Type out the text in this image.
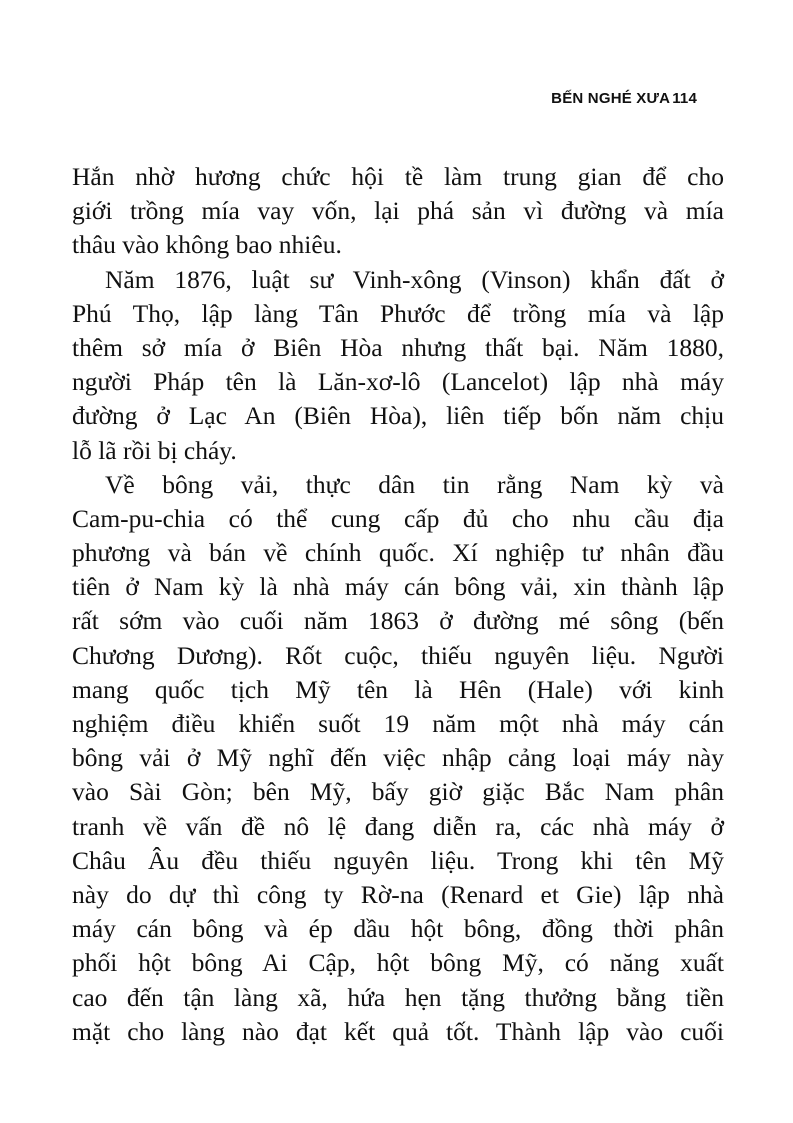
BẾN NGHÉ XƯA 114
Hắn nhờ hương chức hội tề làm trung gian để cho
giới trồng mía vay vốn, lại phá sản vì đường và mía
thâu vào không bao nhiêu.
Năm 1876, luật sư Vinh-xông (Vinson) khẩn đất ở
Phú Thọ, lập làng Tân Phước để trồng mía và lập
thêm sở mía ở Biên Hòa nhưng thất bại. Năm 1880,
người Pháp tên là Lăn-xơ-lô (Lancelot) lập nhà máy
đường ở Lạc An (Biên Hòa), liên tiếp bốn năm chịu
lỗ lã rồi bị cháy.
Về bông vải, thực dân tin rằng Nam kỳ và
Cam-pu-chia có thể cung cấp đủ cho nhu cầu địa
phương và bán về chính quốc. Xí nghiệp tư nhân đầu
tiên ở Nam kỳ là nhà máy cán bông vải, xin thành lập
rất sớm vào cuối năm 1863 ở đường mé sông (bến
Chương Dương). Rốt cuộc, thiếu nguyên liệu. Người
mang quốc tịch Mỹ tên là Hên (Hale) với kinh
nghiệm điều khiển suốt 19 năm một nhà máy cán
bông vải ở Mỹ nghĩ đến việc nhập cảng loại máy này
vào Sài Gòn; bên Mỹ, bấy giờ giặc Bắc Nam phân
tranh về vấn đề nô lệ đang diễn ra, các nhà máy ở
Châu Âu đều thiếu nguyên liệu. Trong khi tên Mỹ
này do dự thì công ty Rờ-na (Renard et Gie) lập nhà
máy cán bông và ép dầu hột bông, đồng thời phân
phối hột bông Ai Cập, hột bông Mỹ, có năng xuất
cao đến tận làng xã, hứa hẹn tặng thưởng bằng tiền
mặt cho làng nào đạt kết quả tốt. Thành lập vào cuối
